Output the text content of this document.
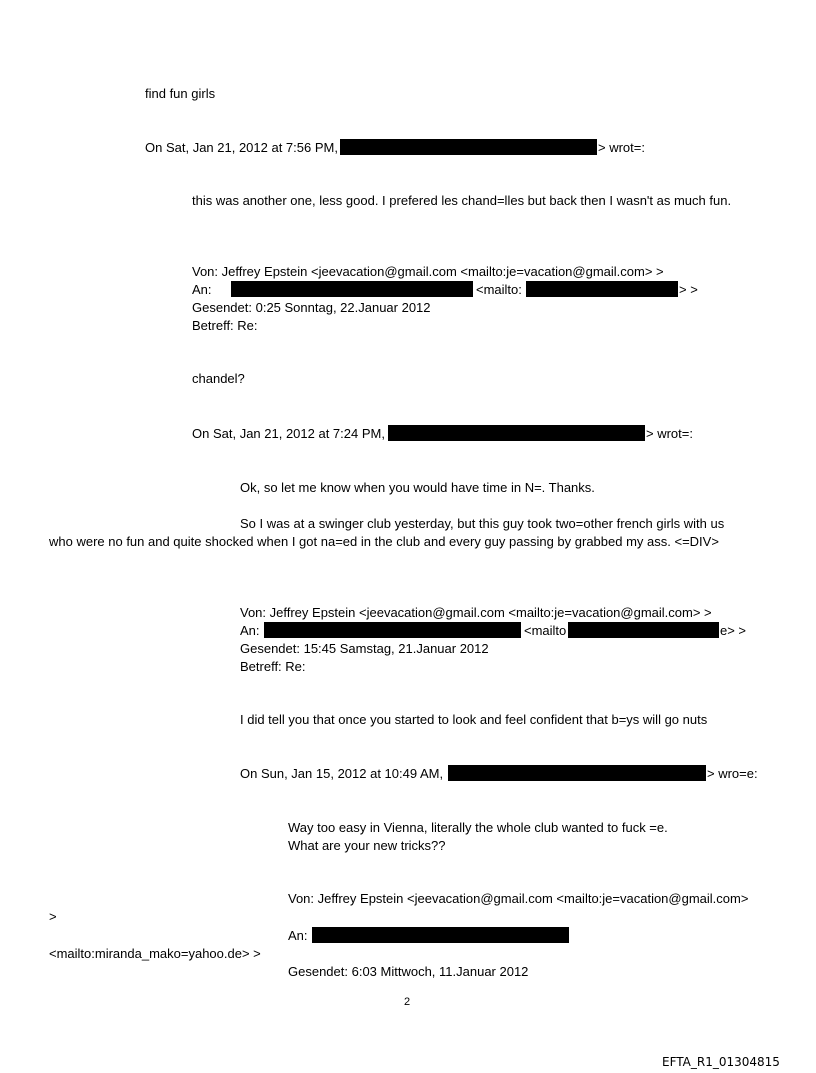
find fun girls
On Sat, Jan 21, 2012 at 7:56 PM,	> wrot=:
this was another one, less good. I prefered les chand=lles but back then I wasn't as much fun.
Von: Jeffrey Epstein <jeevacation@gmail.com <mailto:je=vacation@gmail.com> >
An:	<mailto:	> >
Gesendet: 0:25 Sonntag, 22.Januar 2012
Betreff: Re:
chandel?
On Sat, Jan 21, 2012 at 7:24 PM,	> wrot=:
Ok, so let me know when you would have time in N=. Thanks.
So I was at a swinger club yesterday, but this guy took two=other french girls with us
who were no fun and quite shocked when I got na=ed in the club and every guy passing by grabbed my ass. <=DIV>
Von: Jeffrey Epstein <jeevacation@gmail.com <mailto:je=vacation@gmail.com> >
An:	<mailto	e> >
Gesendet: 15:45 Samstag, 21.Januar 2012
Betreff: Re:
I did tell you that once you started to look and feel confident that b=ys will go nuts
On Sun, Jan 15, 2012 at 10:49 AM,	> wro=e:
Way too easy in Vienna, literally the whole club wanted to fuck =e.
What are your new tricks??
Von: Jeffrey Epstein <jeevacation@gmail.com <mailto:je=vacation@gmail.com>
>
An:
<mailto:miranda_mako=yahoo.de> >
Gesendet: 6:03 Mittwoch, 11.Januar 2012
2
EFTA_R1_01304815
